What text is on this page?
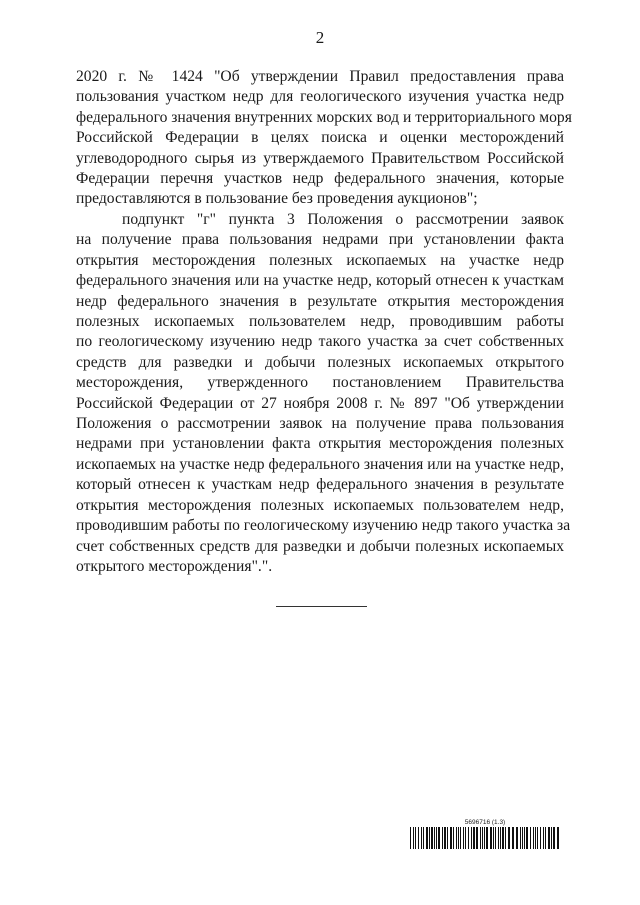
2
2020 г. № 1424 "Об утверждении Правил предоставления права
пользования участком недр для геологического изучения участка недр
федерального значения внутренних морских вод и территориального моря
Российской Федерации в целях поиска и оценки месторождений
углеводородного сырья из утверждаемого Правительством Российской
Федерации перечня участков недр федерального значения, которые
предоставляются в пользование без проведения аукционов";
подпункт "г" пункта 3 Положения о рассмотрении заявок
на получение права пользования недрами при установлении факта
открытия месторождения полезных ископаемых на участке недр
федерального значения или на участке недр, который отнесен к участкам
недр федерального значения в результате открытия месторождения
полезных ископаемых пользователем недр, проводившим работы
по геологическому изучению недр такого участка за счет собственных
средств для разведки и добычи полезных ископаемых открытого
месторождения, утвержденного постановлением Правительства
Российской Федерации от 27 ноября 2008 г. № 897 "Об утверждении
Положения о рассмотрении заявок на получение права пользования
недрами при установлении факта открытия месторождения полезных
ископаемых на участке недр федерального значения или на участке недр,
который отнесен к участкам недр федерального значения в результате
открытия месторождения полезных ископаемых пользователем недр,
проводившим работы по геологическому изучению недр такого участка за
счет собственных средств для разведки и добычи полезных ископаемых
открытого месторождения".".
5696716 (1.3)
